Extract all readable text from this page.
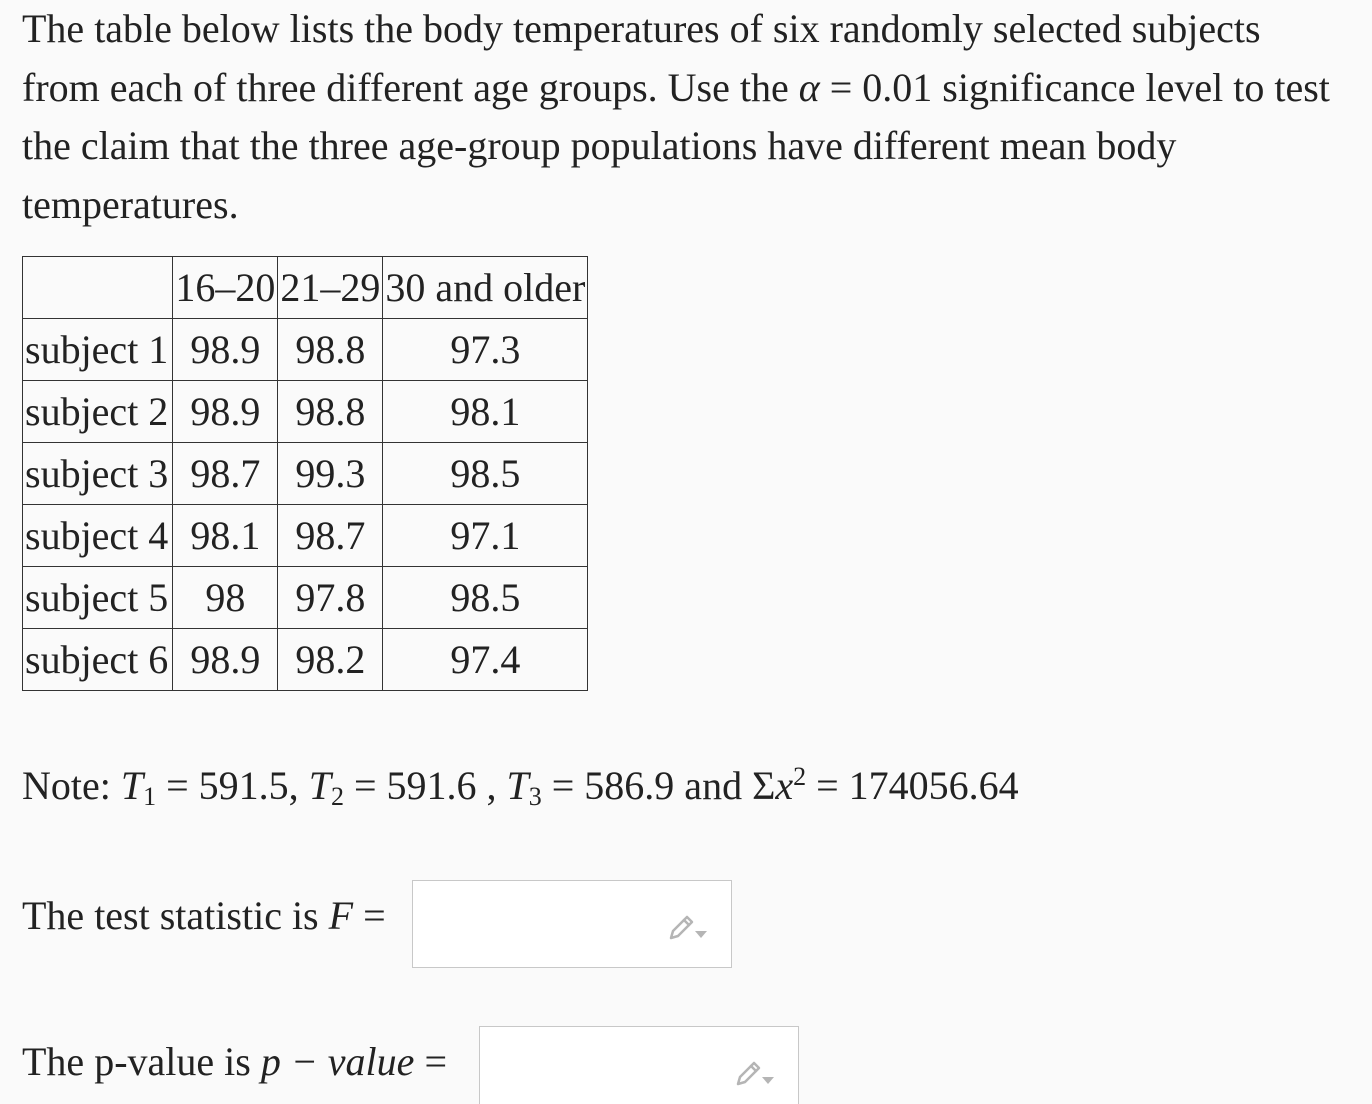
The table below lists the body temperatures of six randomly selected subjects from each of three different age groups. Use the α = 0.01 significance level to test the claim that the three age-group populations have different mean body temperatures.

	16–20	21–29	30 and older
subject 1	98.9	98.8	97.3
subject 2	98.9	98.8	98.1
subject 3	98.7	99.3	98.5
subject 4	98.1	98.7	97.1
subject 5	98	97.8	98.5
subject 6	98.9	98.2	97.4

Note: $T_1 = 591.5$, $T_2 = 591.6$ , $T_3 = 586.9$ and $\Sigma x^2 = 174056.64$

The test statistic is F =
The p-value is p − value =
